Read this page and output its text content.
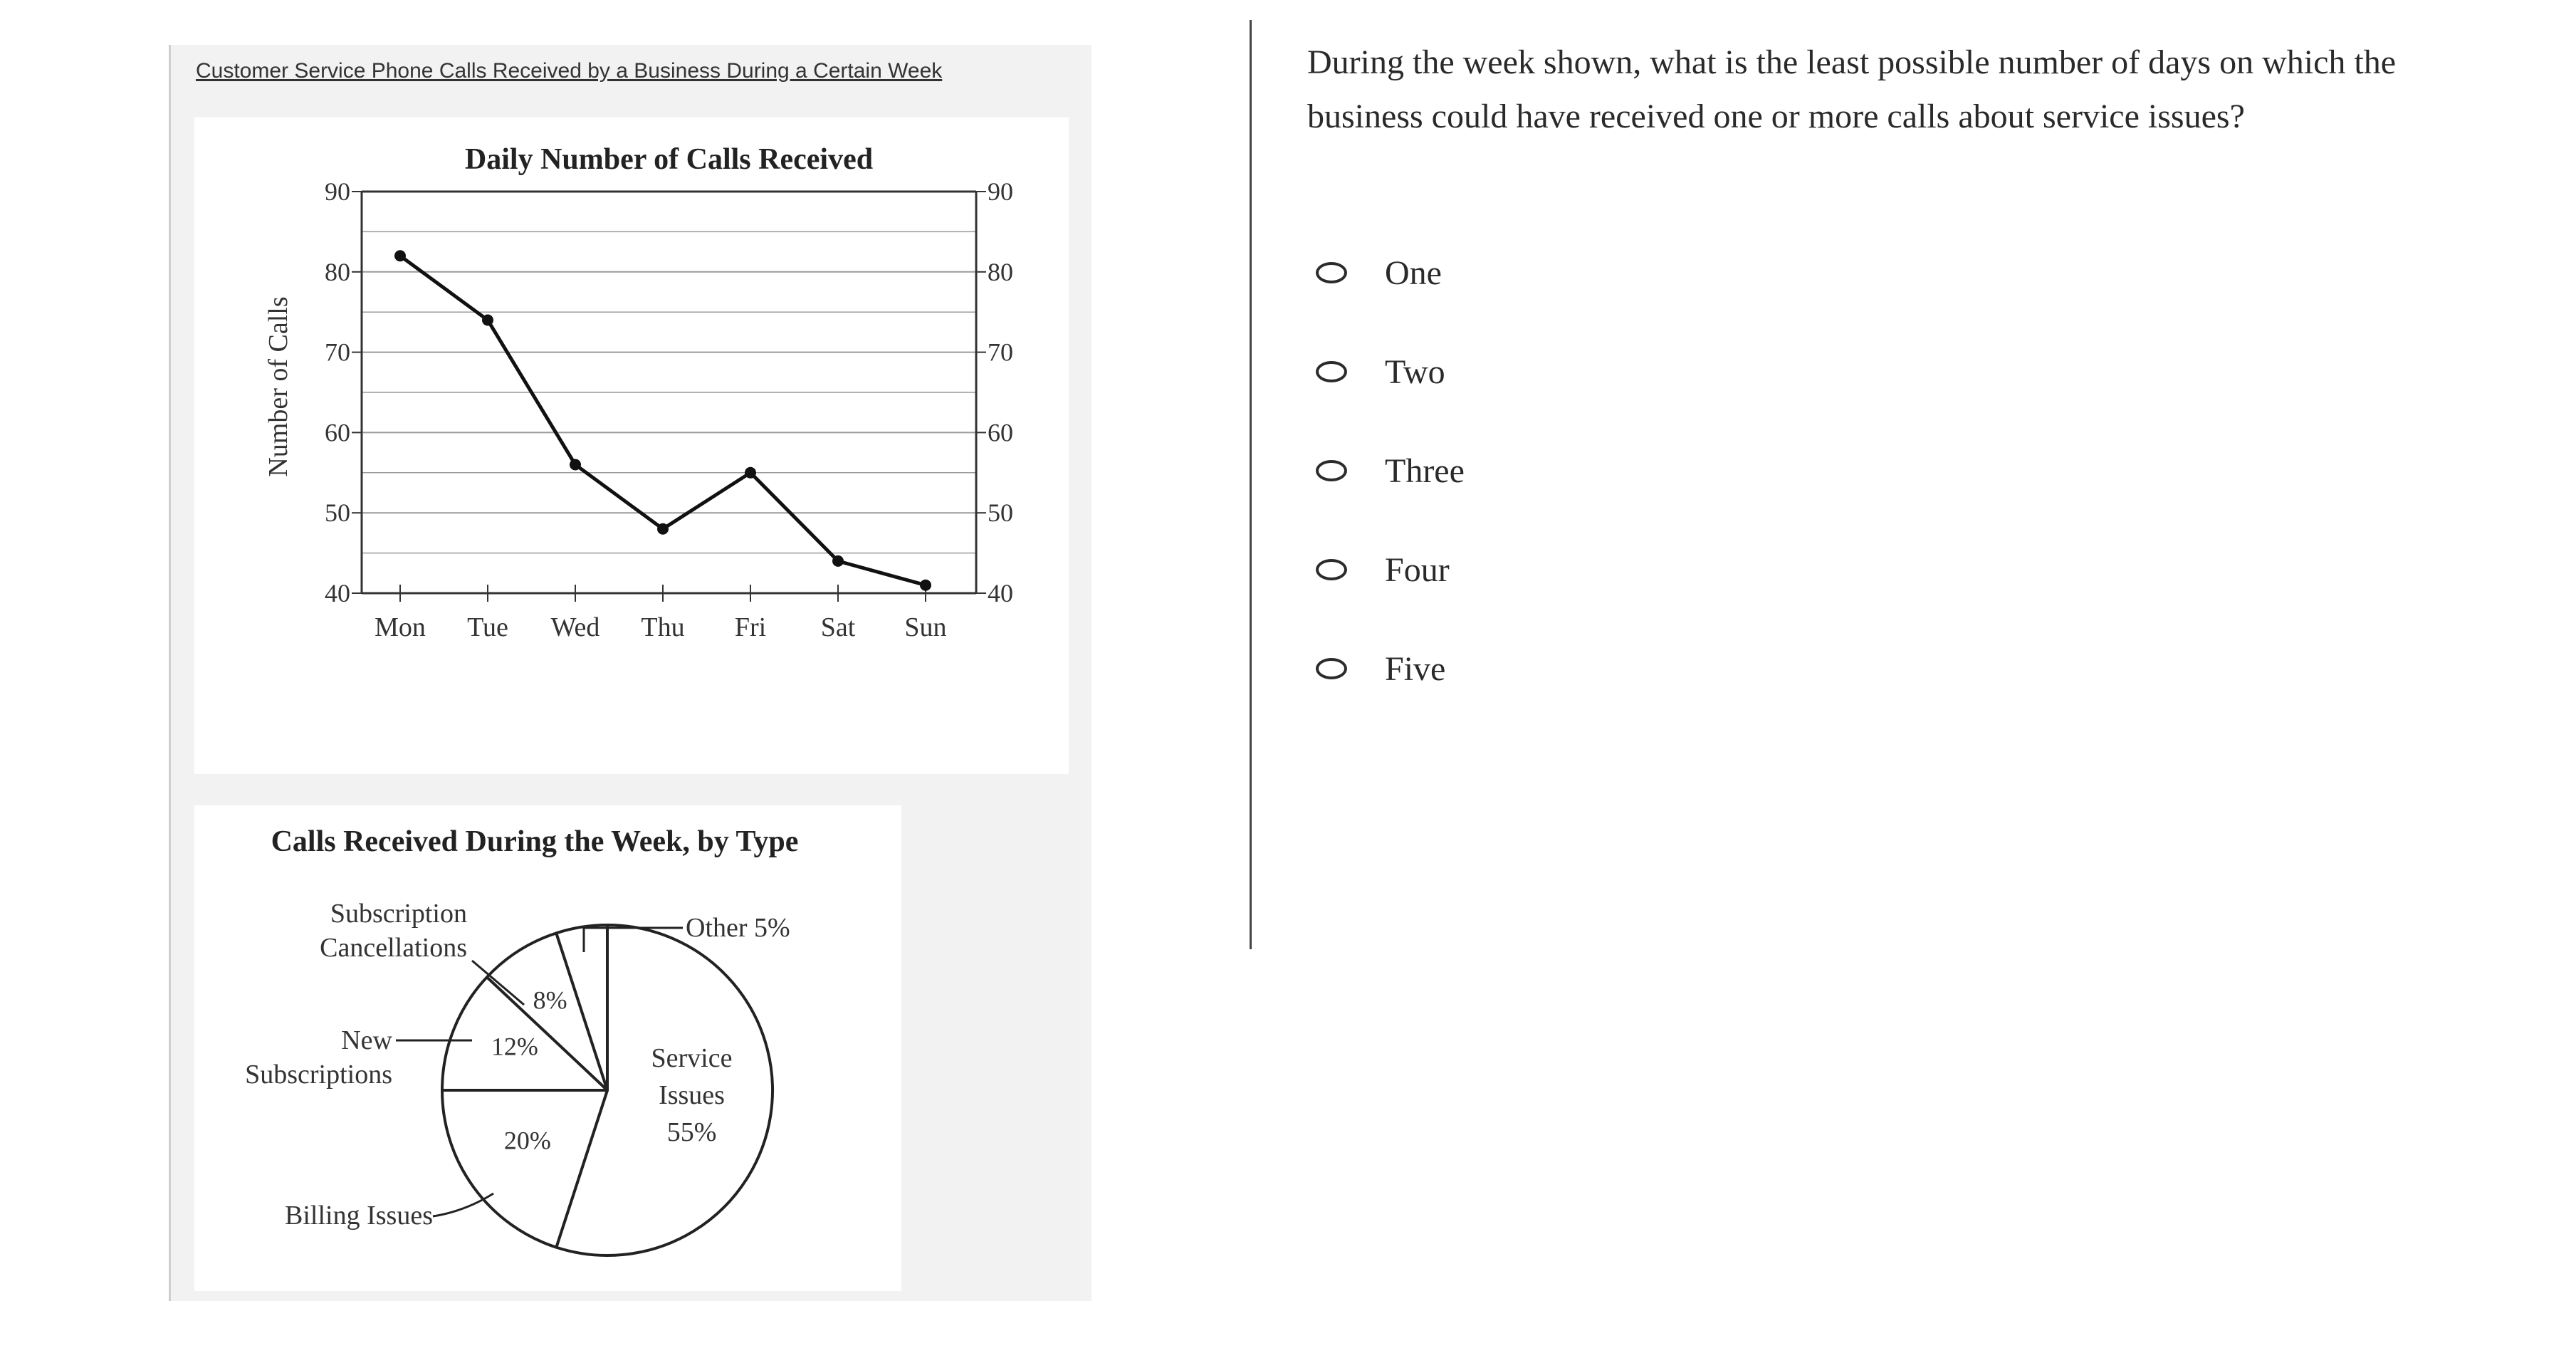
Customer Service Phone Calls Received by a Business During a Certain Week
Daily Number of Calls Received
40	40
50	50
60	60
70	70
80	80
90	90
Number of Calls
Mon Tue Wed Thu Fri Sat Sun
Calls Received During the Week, by Type
Service
Issues
55%
20%
12%
8%
Other 5%
Subscription
Cancellations
New
Subscriptions
Billing Issues

During the week shown, what is the least possible number of days on which the business could have received one or more calls about service issues?

One
Two
Three
Four
Five
